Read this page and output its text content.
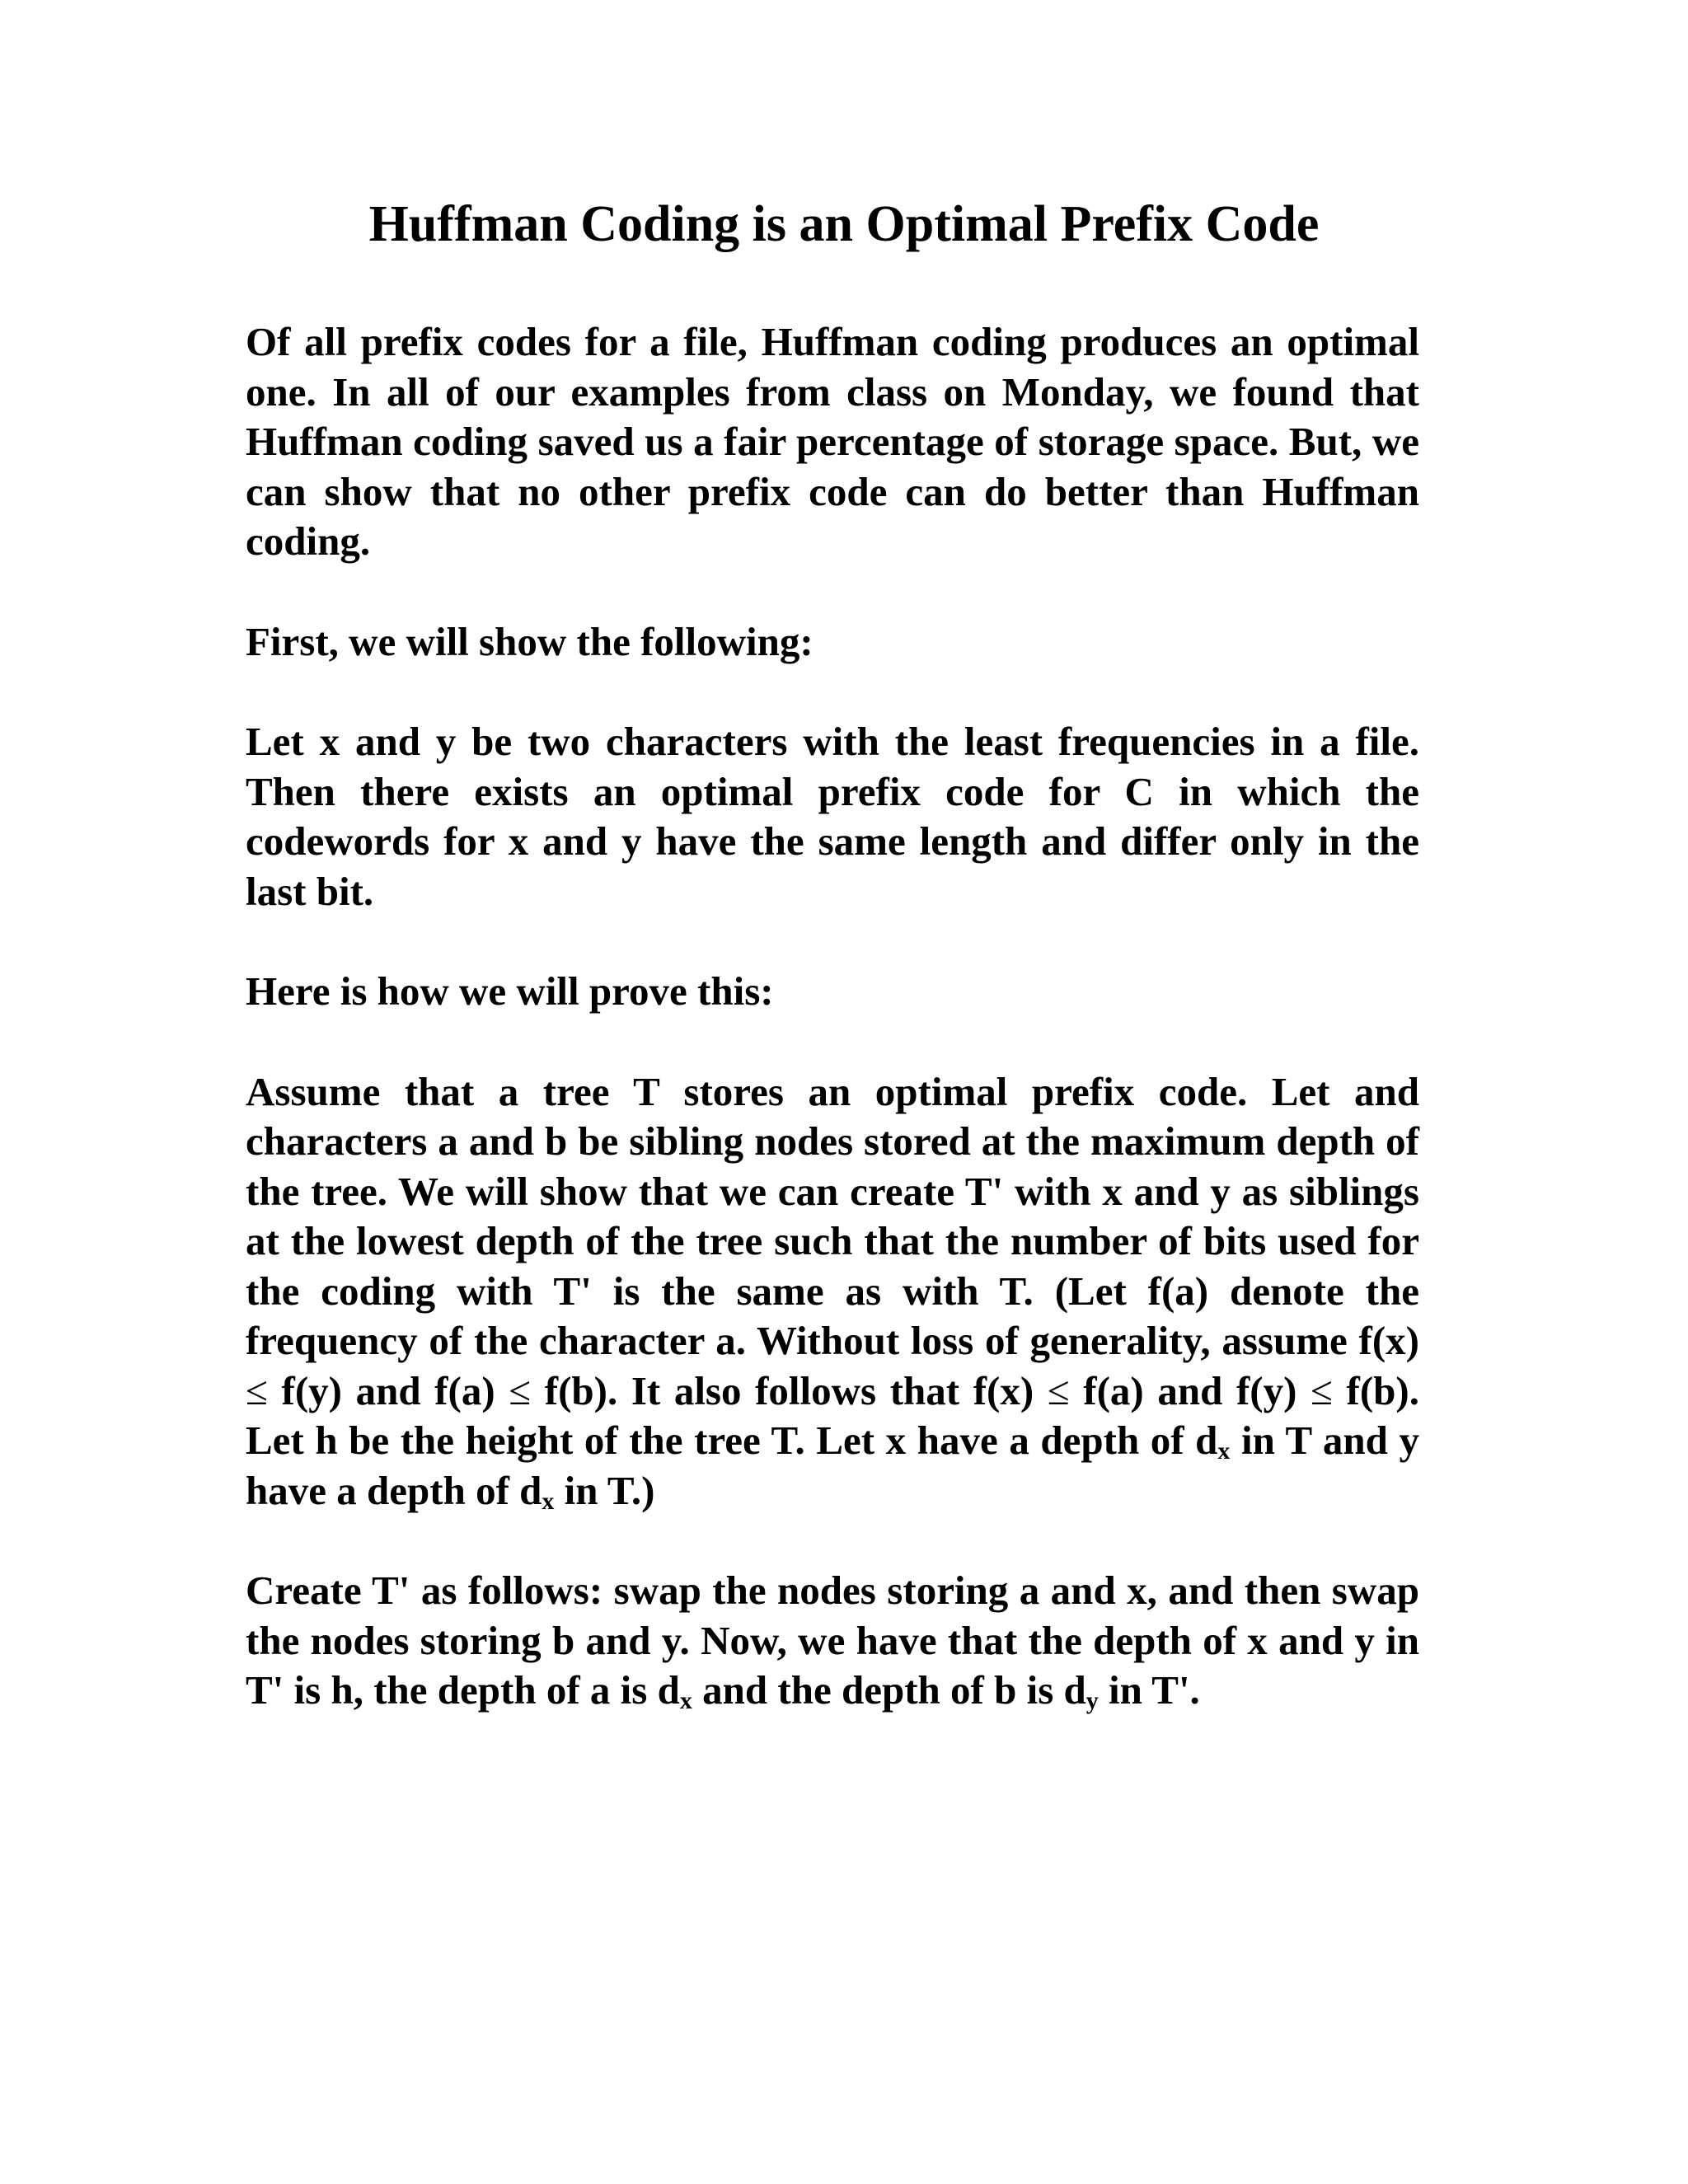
Huffman Coding is an Optimal Prefix Code

Of all prefix codes for a file, Huffman coding produces an optimal one. In all of our examples from class on Monday, we found that Huffman coding saved us a fair percentage of storage space. But, we can show that no other prefix code can do better than Huffman coding.

First, we will show the following:

Let x and y be two characters with the least frequencies in a file. Then there exists an optimal prefix code for C in which the codewords for x and y have the same length and differ only in the last bit.

Here is how we will prove this:

Assume that a tree T stores an optimal prefix code. Let and characters a and b be sibling nodes stored at the maximum depth of the tree. We will show that we can create T' with x and y as siblings at the lowest depth of the tree such that the number of bits used for the coding with T' is the same as with T. (Let f(a) denote the frequency of the character a. Without loss of generality, assume f(x) ≤ f(y) and f(a) ≤ f(b). It also follows that f(x) ≤ f(a) and f(y) ≤ f(b). Let h be the height of the tree T. Let x have a depth of $d_x$ in T and y have a depth of $d_x$ in T.)

Create T' as follows: swap the nodes storing a and x, and then swap the nodes storing b and y. Now, we have that the depth of x and y in T' is h, the depth of a is $d_x$ and the depth of b is $d_y$ in T'.
